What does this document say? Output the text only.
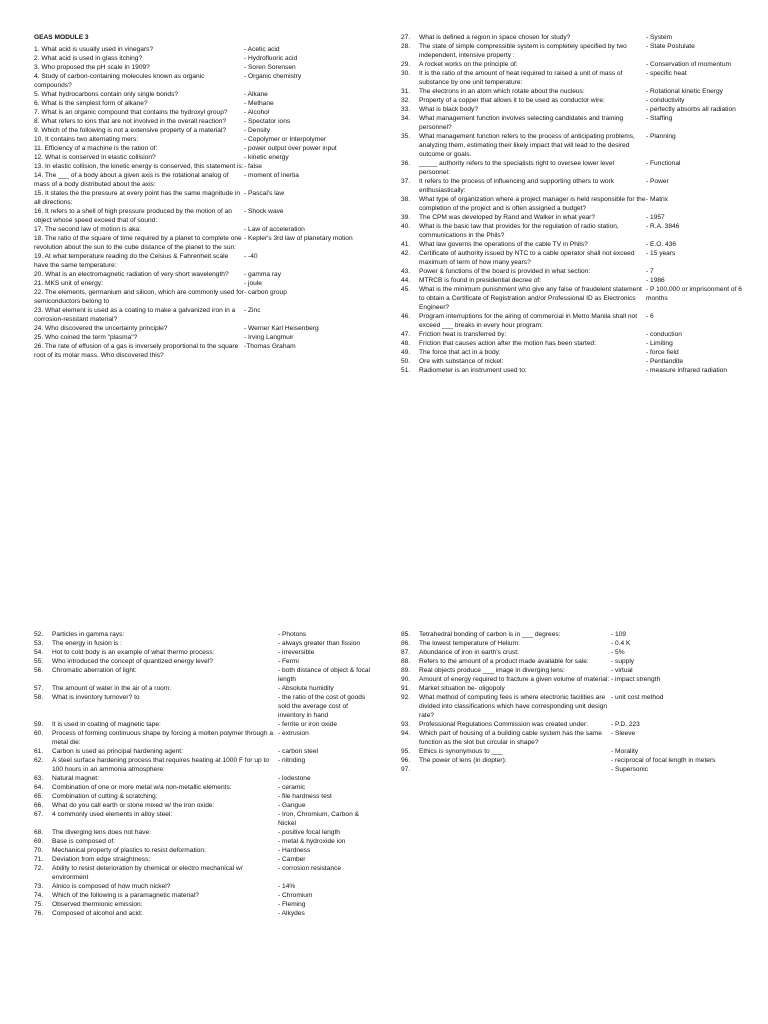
GEAS MODULE 3
1. What acid is usually used in vinegars?	- Acetic acid
2. What acid is used in glass itching?	- Hydrofluoric acid
3. Who proposed the pH scale in 1909?	- Soren Sorensen
4. Study of carbon-containing molecules known as organic compounds?
- Organic chemistry
5. What hydrocarbons contain only single bonds?	- Alkane
6. What is the simplest form of alkane?	- Methane
7. What is an organic compound that contains the hydroxyl group?	- Alcohol
8. What refers to ions that are not involved in the overall reaction?	- Spectator ions
9. Which of the following is not a extensive property of a material?	- Density
10. It contains two alternating mers:	- Copolymer or Interpolymer
11. Efficiency of a machine is the ration of:	- power output over power input
12. What is conserved in elastic collision?	- kinetic energy
13. In elastic collision, the kinetic energy is conserved, this statement is: - false
14. The ___ of a body about a given axis is the rotational analog of mass of a body distributed about the axis:
- moment of inertia
15. It states the the pressure at every point has the same magnitude in all directions:
- Pascal's law
16. It refers to a shell of high pressure produced by the motion of an object whose speed exceed that of sound:
- Shock wave
17. The second law of motion is aka:	- Law of acceleration
18. The ratio of the square of time required by a planet to complete one revolution about the sun to the cube distance of the planet to the sun:
- Kepler's 3rd law of planetary motion
19. At what temperature reading do the Celsius & Fahrenheit scale have the same temperature:
- -40
20. What is an electromagnetic radiation of very short wavelength?	- gamma ray
21. MKS unit of energy:	- joule
22. The elements, germanium and silicon, which are commonly used for semiconductors belong to
- carbon group
23. What element is used as a coating to make a galvanized iron in a corrosion-resistant material?
- Zinc
24. Who discovered the uncertainty principle?	- Werner Karl Heisenberg
25. Who coined the term "plasma"?	- Irving Langmuir
26. The rate of effusion of a gas is inversely proportional to the square root of its molar mass. Who discovered this?
-Thomas Graham
27.	What is defined a region in space chosen for study?	- System
28.	The state of simple compressible system is completely specified by two independent, intensive property :
- State Postulate
29.	A rocket works on the principle of:	- Conservation of momentum
30.	It is the ratio of the amount of heat required to raised a unit of mass of substance by one unit temperature:
- specific heat
31.	The electrons in an atom which rotate about the nucleus:	- Rotational kinetic Energy
32.	Property of a copper that allows it to be used as conductor wire:	- conductivity
33.	What is black body?	- perfectly absorbs all radiation
34.	What management function involves selecting candidates and training personnel?
- Staffing
35.	What management function refers to the process of anticipating problems, analyzing them, estimating their likely impact that will lead to the desired outcome or goals.
- Planning
36.	_____ authority refers to the specialists right to oversee lower level personnel:
- Functional
37.	It refers to the process of influencing and supporting others to work enthusiastically:
- Power
38.	What type of organization where a project manager is held responsible for the completion of the project and is often assigned a budget?
- Matrix
39.	The CPM was developed by Rand and Walker in what year?	- 1957
40.	What is the basic law that provides for the regulation of radio station, communications in the Phils?
- R.A. 3846
41.	What law governs the operations of the cable TV in Phils?	- E.O. 436
42.	Certificate of authority issued by NTC to a cable operator shall not exceed maximum of term of how many years?
- 15 years
43.	Power & functions of the board is provided in what section:	- 7
44.	MTRCB is found in presidential decree of:	- 1986
45.	What is the minimum punishment who give any false of fraudelent statement to obtain a Certificate of Registration and/or Professional ID as Electronics Engineer?
- P 100,000 or imprisonment of 6 months
46.	Program interruptions for the airing of commercial in Metro Manila shall not exceed ___ breaks in every hour program:
- 6
47.	Friction heat is transferred by:	- conduction
48.	Friction that causes action after the motion has been started:	- Limiting
49.	The force that act in a body:	- force field
50.	Ore with substance of nickel:	- Pentlandite
51.	Radiometer is an instrument used to:	- measure infrared radiation
52.	Particles in gamma rays:	- Photons
53.	The energy in fusion is :	- always greater than fission
54.	Hot to cold body is an example of what thermo process:	- irreversible
55.	Who introduced the concept of quantized energy level?	- Fermi
56.	Chromatic aberration of light:	- both distance of object & focal length
57.	The amount of water in the air of a room:	- Absolute humidity
58.	What is inventory turnover? to	- the ratio of the cost of goods sold the average cost of inventory in hand
59.	It is used in coating of magnetic tape:	- ferrite or iron oxide
60.	Process of forming continuous shape by forcing a molten polymer through a metal die:
- extrusion
61.	Carbon is used as principal hardening agent:	- carbon steel
62.	A steel surface hardening process that requires heating at 1000 F for up to 100 hours in an ammonia atmosphere:
- nitriding
63.	Natural magnet:	- lodestone
64.	Combination of one or more metal w/a non-metallic elements:	- ceramic
65.	Combination of cutting & scratching:	- file hardness test
66.	What do you call earth or stone mixed w/ the iron oxide:	- Gangue
67.	4 commonly used elements in alloy steel:	- Iron, Chromium, Carbon & Nickel
68.	The diverging lens does not have:	- positive focal length
69.	Base is composed of:	- metal & hydroxide ion
70.	Mechanical property of plastics to resist deformation:	- Hardness
71.	Deviation from edge straightness:	- Camber
72.	Ability to resist deterioration by chemical or electro mechanical w/ environment
- corrosion resistance
73.	Alnico is composed of how much nickel?	- 14%
74.	Which of the following is a paramagnetic material?	- Chromium
75.	Observed thermionic emission:	- Fleming
76.	Composed of alcohol and acid:	- Alkydes
85.	Tetrahedral bonding of carbon is in ___ degrees:	- 109
86.	The lowest temperature of Helium:	- 0.4 K
87.	Abundance of iron in earth's crust:	- 5%
88.	Refers to the amount of a product made available for sale:	- supply
89.	Real objects produce ___ image in diverging lens:	- virtual
90.	Amount of energy required to fracture a given volume of material: - impact strength
91.	Market situation be- oligopoly
92.	What method of computing fees is where electronic facilities are divided into classifications which have corresponding unit design rate?
- unit cost method
93.	Professional Regulations Commission was created under:	- P.D. 223
94.	Which part of housing of a building cable system has the same function as the slot but circular in shape?
- Sleeve
95.	Ethics is synonymous to ___	- Morality
96.	The power of lens (in diopter):	- reciprocal of focal length in meters
97.	- Supersonic
